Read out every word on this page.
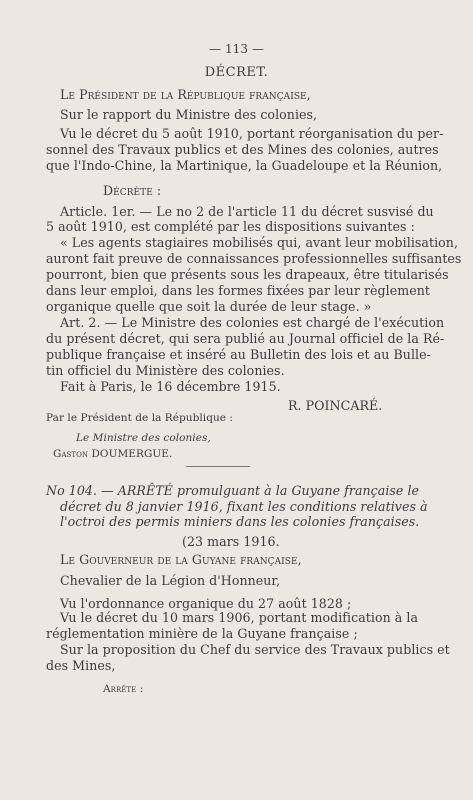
— 113 —
DÉCRET.
Le Président de la République française,
Sur le rapport du Ministre des colonies,
Vu le décret du 5 août 1910, portant réorganisation du per-
sonnel des Travaux publics et des Mines des colonies, autres
que l'Indo-Chine, la Martinique, la Guadeloupe et la Réunion,
Décrète :
Article. 1er. — Le no 2 de l'article 11 du décret susvisé du
5 août 1910, est complété par les dispositions suivantes :
« Les agents stagiaires mobilisés qui, avant leur mobilisation,
auront fait preuve de connaissances professionnelles suffisantes
pourront, bien que présents sous les drapeaux, être titularisés
dans leur emploi, dans les formes fixées par leur règlement
organique quelle que soit la durée de leur stage. »
Art. 2. — Le Ministre des colonies est chargé de l'exécution
du présent décret, qui sera publié au Journal officiel de la Ré-
publique française et inséré au Bulletin des lois et au Bulle-
tin officiel du Ministère des colonies.
Fait à Paris, le 16 décembre 1915.
R. POINCARÉ.
Par le Président de la République :
Le Ministre des colonies,
Gaston DOUMERGUE.
No 104. — ARRÊTÉ promulguant à la Guyane française le
décret du 8 janvier 1916, fixant les conditions relatives à
l'octroi des permis miniers dans les colonies françaises.
(23 mars 1916.
Le Gouverneur de la Guyane française,
Chevalier de la Légion d'Honneur,
Vu l'ordonnance organique du 27 août 1828 ;
Vu le décret du 10 mars 1906, portant modification à la
réglementation minière de la Guyane française ;
Sur la proposition du Chef du service des Travaux publics et
des Mines,
Arrête :
